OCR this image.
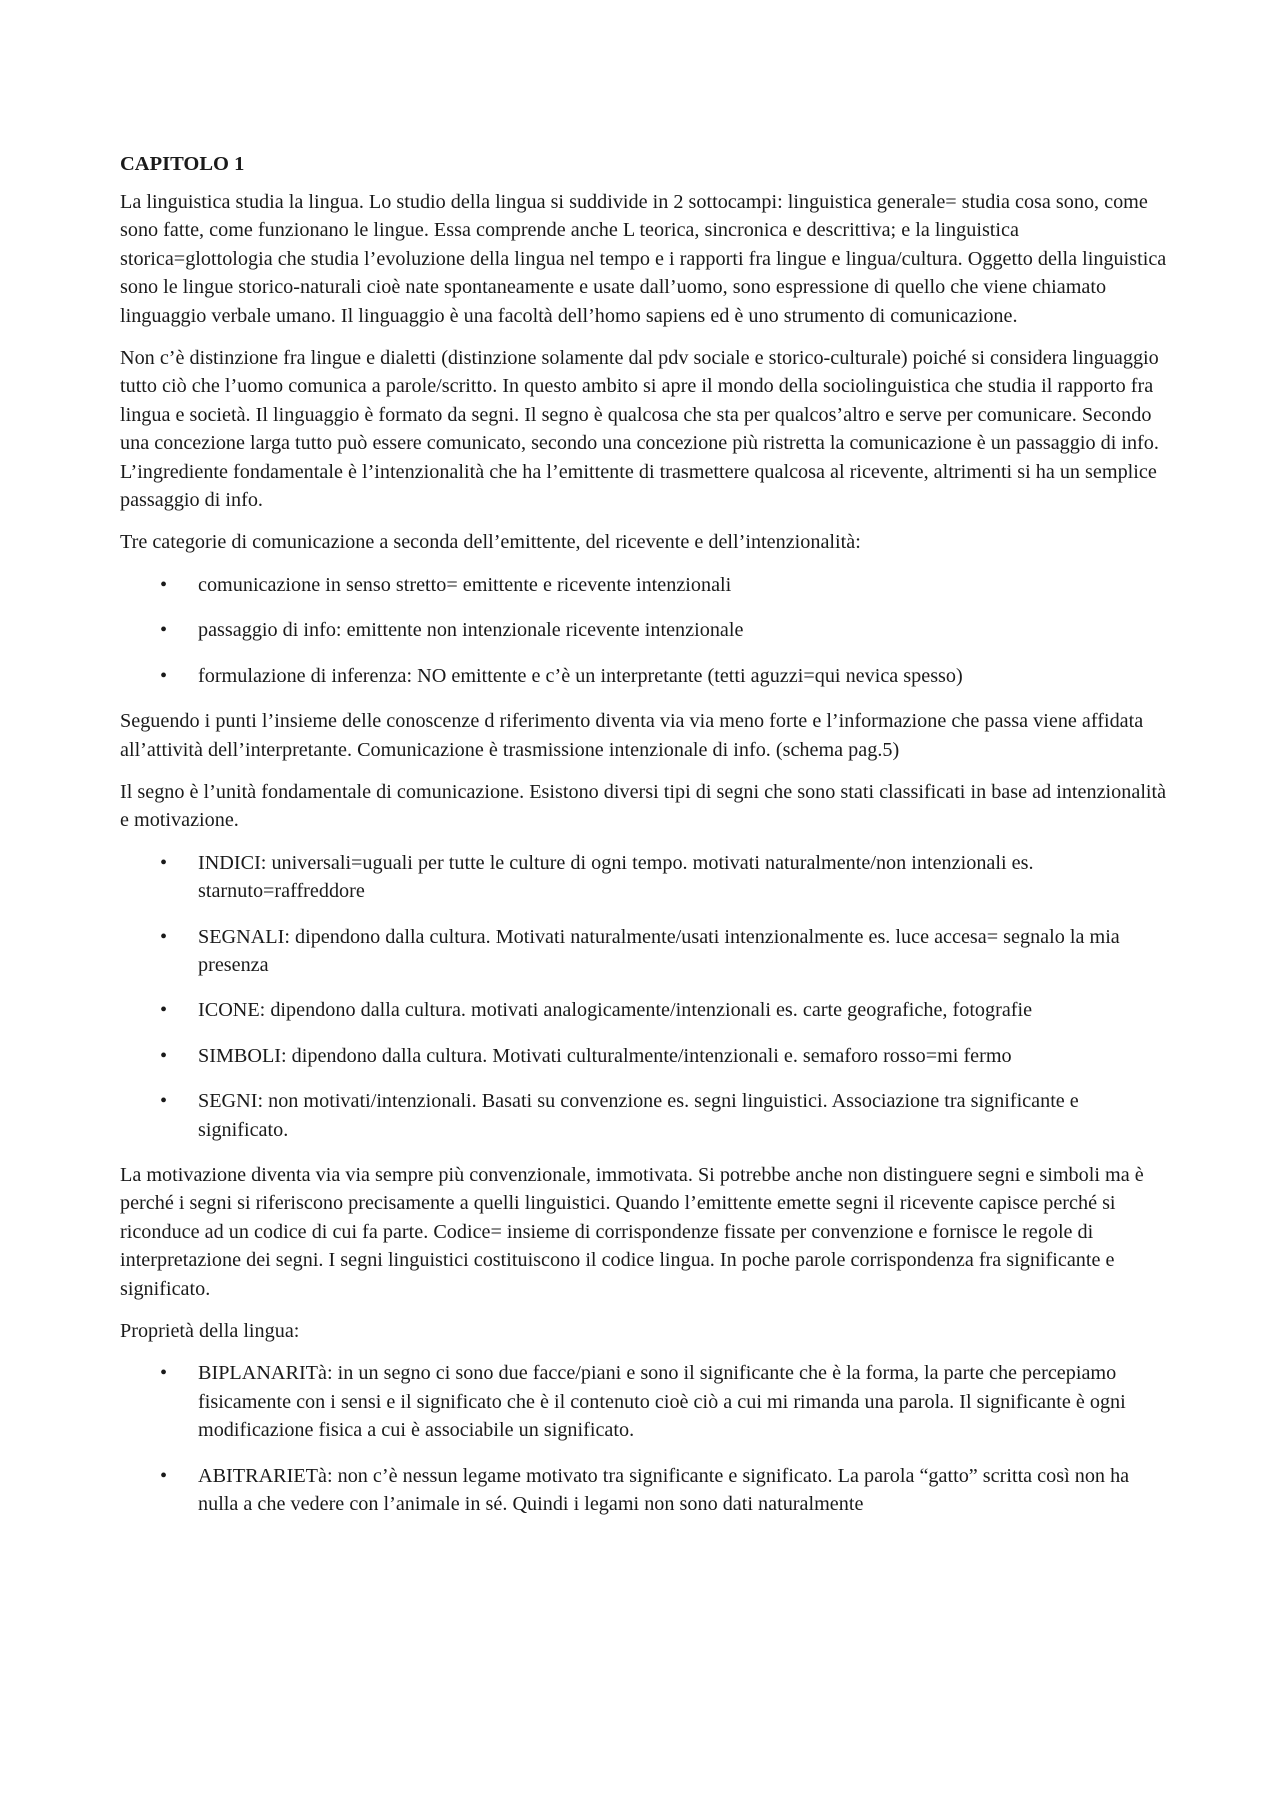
CAPITOLO 1

La linguistica studia la lingua. Lo studio della lingua si suddivide in 2 sottocampi: linguistica generale= studia cosa sono, come sono fatte, come funzionano le lingue. Essa comprende anche L teorica, sincronica e descrittiva; e la linguistica storica=glottologia che studia l’evoluzione della lingua nel tempo e i rapporti fra lingue e lingua/cultura. Oggetto della linguistica sono le lingue storico-naturali cioè nate spontaneamente e usate dall’uomo, sono espressione di quello che viene chiamato linguaggio verbale umano. Il linguaggio è una facoltà dell’homo sapiens ed è uno strumento di comunicazione.

Non c’è distinzione fra lingue e dialetti (distinzione solamente dal pdv sociale e storico-culturale) poiché si considera linguaggio tutto ciò che l’uomo comunica a parole/scritto. In questo ambito si apre il mondo della sociolinguistica che studia il rapporto fra lingua e società. Il linguaggio è formato da segni. Il segno è qualcosa che sta per qualcos’altro e serve per comunicare. Secondo una concezione larga tutto può essere comunicato, secondo una concezione più ristretta la comunicazione è un passaggio di info. L’ingrediente fondamentale è l’intenzionalità che ha l’emittente di trasmettere qualcosa al ricevente, altrimenti si ha un semplice passaggio di info.

Tre categorie di comunicazione a seconda dell’emittente, del ricevente e dell’intenzionalità:

• comunicazione in senso stretto= emittente e ricevente intenzionali
• passaggio di info: emittente non intenzionale ricevente intenzionale
• formulazione di inferenza: NO emittente e c’è un interpretante (tetti aguzzi=qui nevica spesso)

Seguendo i punti l’insieme delle conoscenze d riferimento diventa via via meno forte e l’informazione che passa viene affidata all’attività dell’interpretante. Comunicazione è trasmissione intenzionale di info. (schema pag.5)

Il segno è l’unità fondamentale di comunicazione. Esistono diversi tipi di segni che sono stati classificati in base ad intenzionalità e motivazione.

• INDICI: universali=uguali per tutte le culture di ogni tempo. motivati naturalmente/non intenzionali es. starnuto=raffreddore
• SEGNALI: dipendono dalla cultura. Motivati naturalmente/usati intenzionalmente es. luce accesa= segnalo la mia presenza
• ICONE: dipendono dalla cultura. motivati analogicamente/intenzionali es. carte geografiche, fotografie
• SIMBOLI: dipendono dalla cultura. Motivati culturalmente/intenzionali e. semaforo rosso=mi fermo
• SEGNI: non motivati/intenzionali. Basati su convenzione es. segni linguistici. Associazione tra significante e significato.

La motivazione diventa via via sempre più convenzionale, immotivata. Si potrebbe anche non distinguere segni e simboli ma è perché i segni si riferiscono precisamente a quelli linguistici. Quando l’emittente emette segni il ricevente capisce perché si riconduce ad un codice di cui fa parte. Codice= insieme di corrispondenze fissate per convenzione e fornisce le regole di interpretazione dei segni. I segni linguistici costituiscono il codice lingua. In poche parole corrispondenza fra significante e significato.

Proprietà della lingua:

• BIPLANARITà: in un segno ci sono due facce/piani e sono il significante che è la forma, la parte che percepiamo fisicamente con i sensi e il significato che è il contenuto cioè ciò a cui mi rimanda una parola. Il significante è ogni modificazione fisica a cui è associabile un significato.
• ABITRARIETà: non c’è nessun legame motivato tra significante e significato. La parola “gatto” scritta così non ha nulla a che vedere con l’animale in sé. Quindi i legami non sono dati naturalmente
